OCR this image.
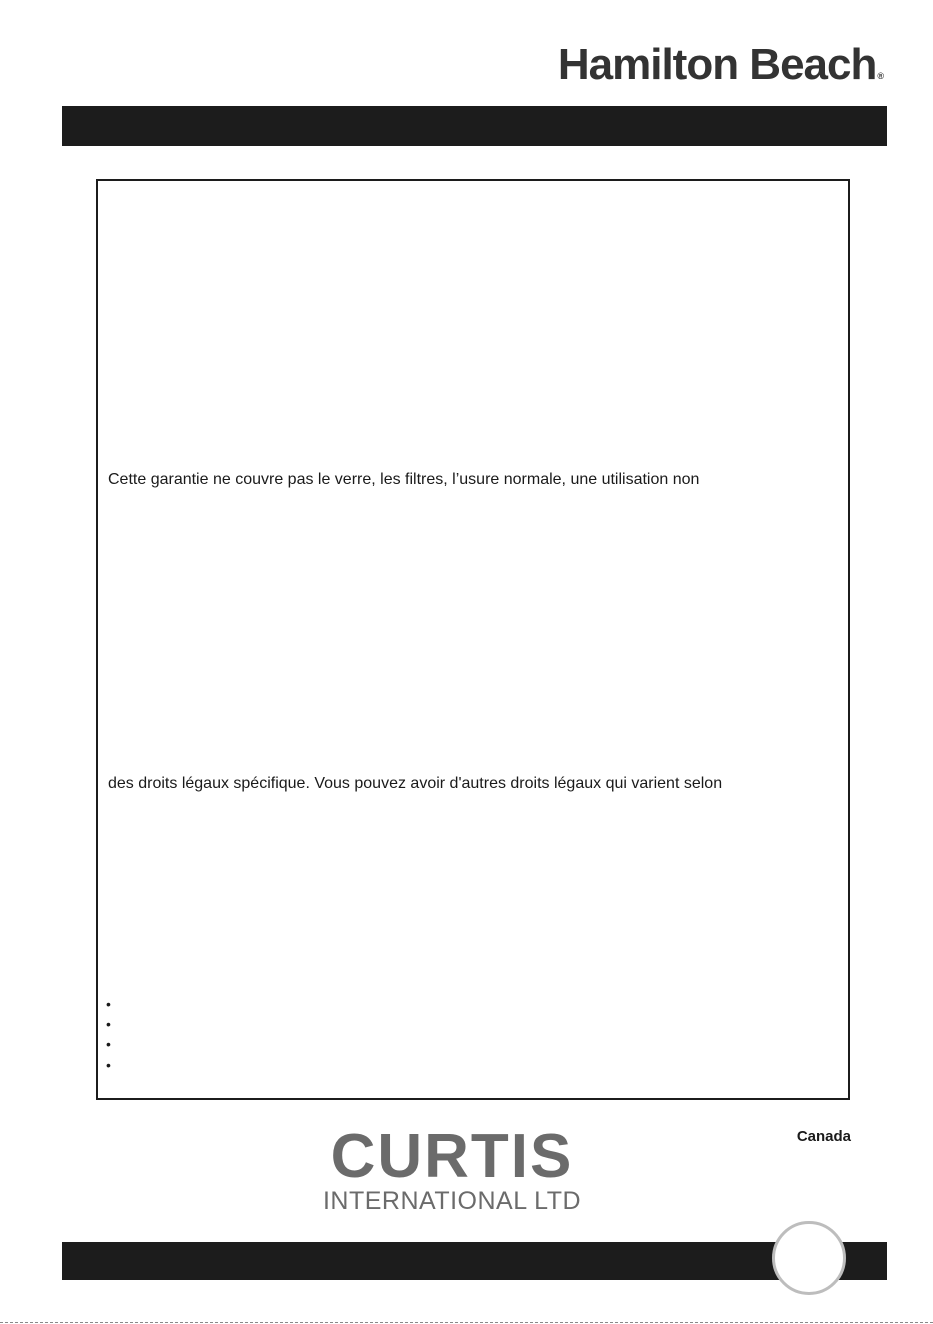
Hamilton Beach®

Cette garantie ne couvre pas le verre, les filtres, l’usure normale, une utilisation non

des droits légaux spécifique. Vous pouvez avoir d'autres droits légaux qui varient selon

•
•
•
•
CURTIS
INTERNATIONAL LTD
Canada
